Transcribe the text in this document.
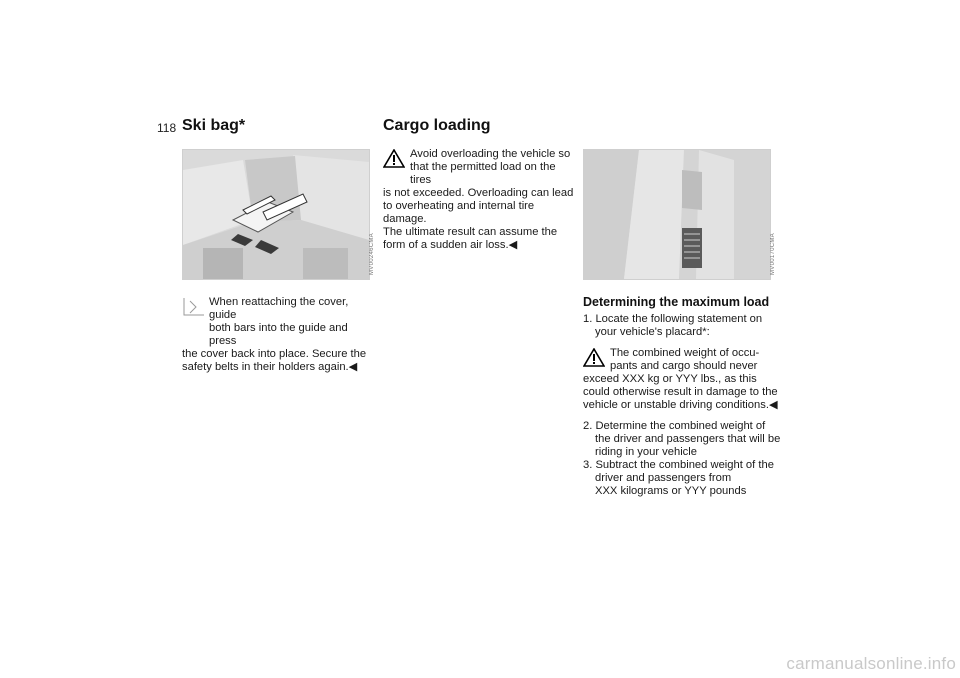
118 Ski bag*	Cargo loading
MV00246CMA

When reattaching the cover, guide

both bars into the guide and press

the cover back into place. Secure the

safety belts in their holders again.◀

Avoid overloading the vehicle so

that the permitted load on the tires

is not exceeded. Overloading can lead

to overheating and internal tire damage.

The ultimate result can assume the

form of a sudden air loss.◀	MV00170CMA
Determining the maximum load

1. Locate the following statement on

your vehicle's placard*:

The combined weight of occu-

pants and cargo should never

exceed XXX kg or YYY lbs., as this

could otherwise result in damage to the

vehicle or unstable driving conditions.◀

2. Determine the combined weight of

the driver and passengers that will be

riding in your vehicle

3. Subtract the combined weight of the

driver and passengers from

XXX kilograms or YYY pounds

carmanualsonline.info
